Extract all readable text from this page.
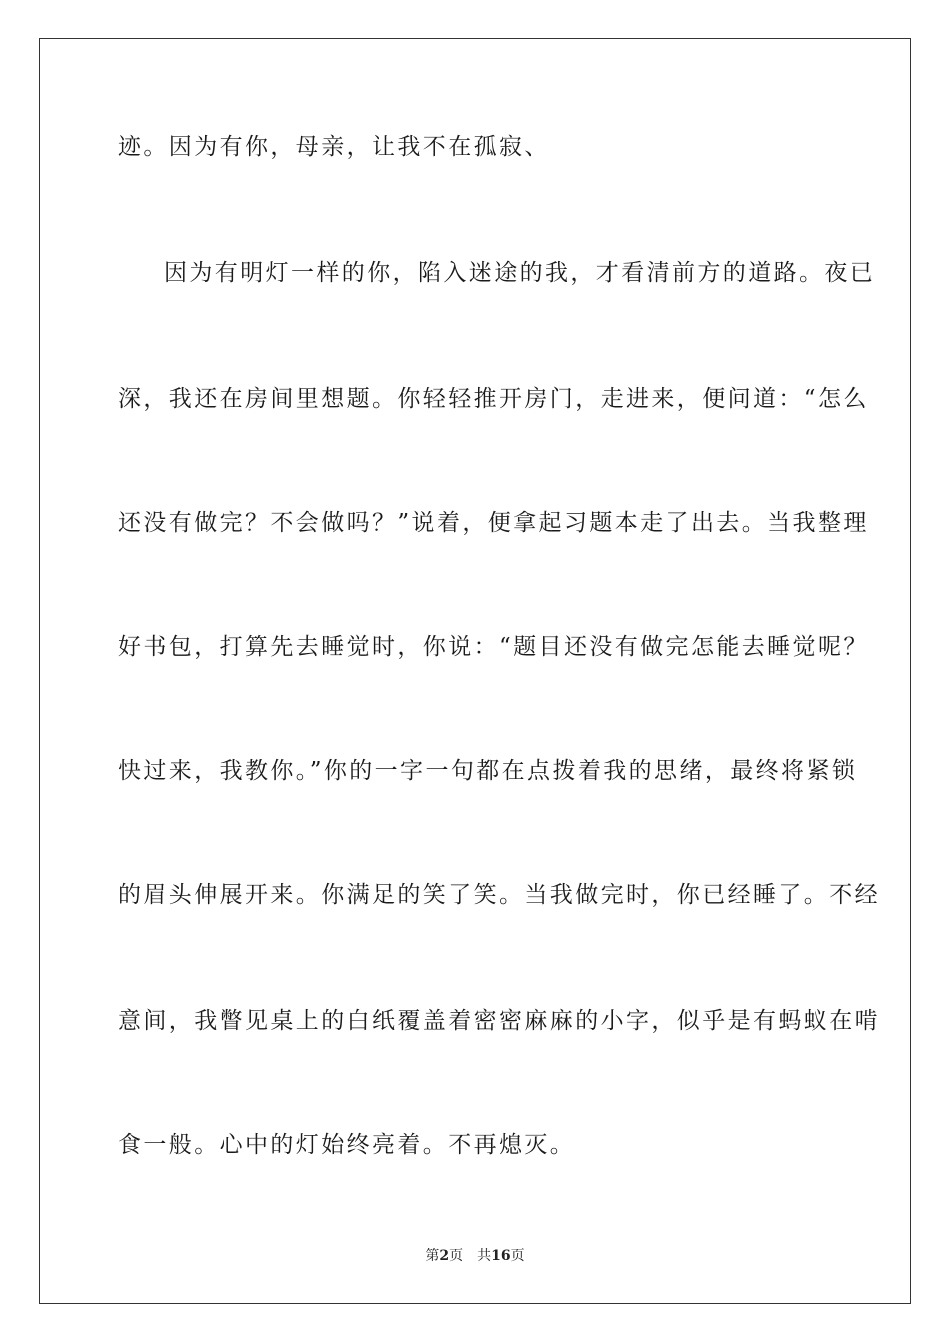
迹。因为有你，母亲，让我不在孤寂、
因为有明灯一样的你，陷入迷途的我，才看清前方的道路。夜已
深，我还在房间里想题。你轻轻推开房门，走进来，便问道：“怎么
还没有做完？不会做吗？”说着，便拿起习题本走了出去。当我整理
好书包，打算先去睡觉时，你说：“题目还没有做完怎能去睡觉呢？
快过来，我教你。”你的一字一句都在点拨着我的思绪，最终将紧锁
的眉头伸展开来。你满足的笑了笑。当我做完时，你已经睡了。不经
意间，我瞥见桌上的白纸覆盖着密密麻麻的小字，似乎是有蚂蚁在啃
食一般。心中的灯始终亮着。不再熄灭。
第2页 共16页
